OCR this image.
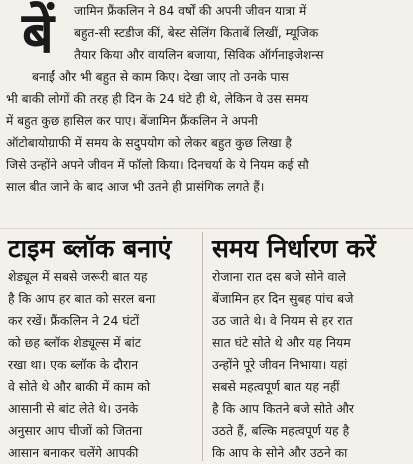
बें	जामिन फ्रैंकलिन ने 84 वर्षों की अपनी जीवन यात्रा में
बहुत-सी स्टडीज कीं, बेस्ट सेलिंग किताबें लिखीं, म्यूजिक
तैयार किया और वायलिन बजाया, सिविक ऑर्गनाइजेशन्स
बनाईं और भी बहुत से काम किए। देखा जाए तो उनके पास
भी बाकी लोगों की तरह ही दिन के 24 घंटे ही थे, लेकिन वे उस समय
में बहुत कुछ हासिल कर पाए। बेंजामिन फ्रैंकलिन ने अपनी
ऑटोबायोग्राफी में समय के सदुपयोग को लेकर बहुत कुछ लिखा है
जिसे उन्होंने अपने जीवन में फॉलो किया। दिनचर्या के ये नियम कई सौ
साल बीत जाने के बाद आज भी उतने ही प्रासंगिक लगते हैं।
टाइम ब्लॉक बनाएं
शेड्यूल में सबसे जरूरी बात यह
है कि आप हर बात को सरल बना
कर रखें। फ्रैंकलिन ने 24 घंटों
को छह ब्लॉक शेड्यूल्स में बांट
रखा था। एक ब्लॉक के दौरान
वे सोते थे और बाकी में काम को
आसानी से बांट लेते थे। उनके
अनुसार आप चीजों को जितना
आसान बनाकर चलेंगे आपकी
समय निर्धारण करें
रोजाना रात दस बजे सोने वाले
बेंजामिन हर दिन सुबह पांच बजे
उठ जाते थे। वे नियम से हर रात
सात घंटे सोते थे और यह नियम
उन्होंने पूरे जीवन निभाया। यहां
सबसे महत्वपूर्ण बात यह नहीं
है कि आप कितने बजे सोते और
उठते हैं, बल्कि महत्वपूर्ण यह है
कि आप के सोने और उठने का
